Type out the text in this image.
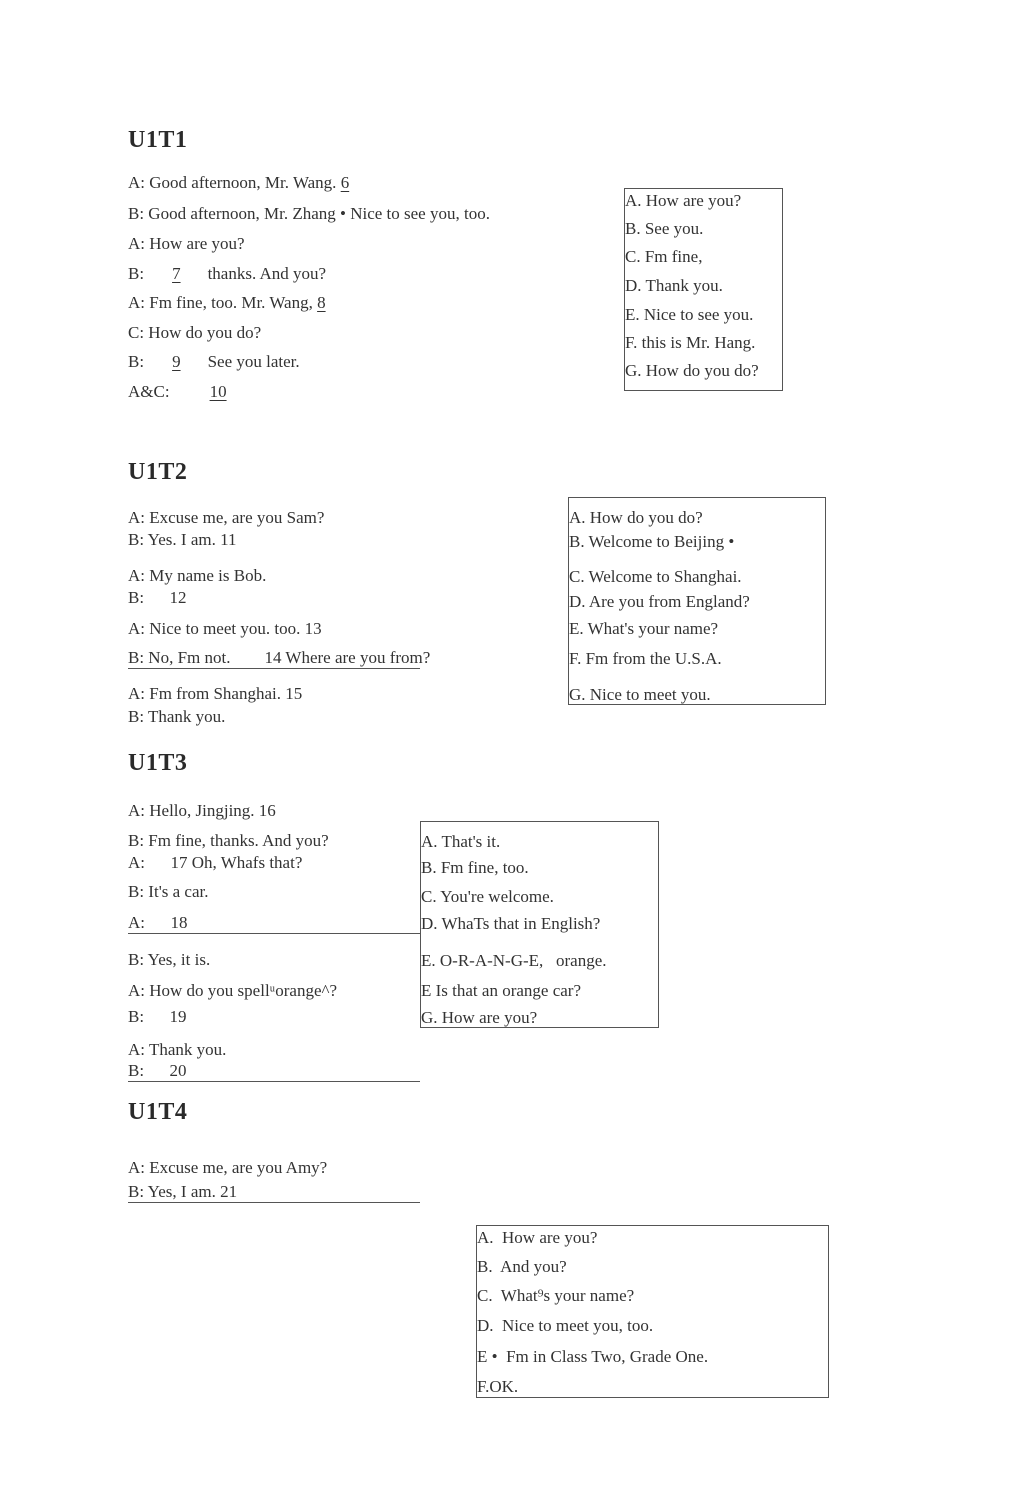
U1T1
A: Good afternoon, Mr. Wang. 6
B: Good afternoon, Mr. Zhang • Nice to see you, too.
A: How are you?
B: 7 thanks. And you?
A: Fm fine, too. Mr. Wang, 8
C: How do you do?
B: 9 See you later.
A&C: 10
A. How are you?
B. See you.
C. Fm fine,
D. Thank you.
E. Nice to see you.
F. this is Mr. Hang.
G. How do you do?
U1T2
A: Excuse me, are you Sam?
B: Yes. I am. 11
A: My name is Bob.
B:      12
A: Nice to meet you. too. 13
B: No, Fm not.        14 Where are you from?
A: Fm from Shanghai. 15
B: Thank you.
A. How do you do?
B. Welcome to Beijing •
C. Welcome to Shanghai.
D. Are you from England?
E. What's your name?
F. Fm from the U.S.A.
G. Nice to meet you.
U1T3
A: Hello, Jingjing. 16
B: Fm fine, thanks. And you?
A:      17 Oh, Whafs that?
B: It's a car.
A:      18
B: Yes, it is.
A: How do you spellᵘorange^?
B:      19
A: Thank you.
B:      20
A. That's it.
B. Fm fine, too.
C. You're welcome.
D. WhaTs that in English?
E. O-R-A-N-G-E,   orange.
E Is that an orange car?
G. How are you?
U1T4
A: Excuse me, are you Amy?
B: Yes, I am. 21
A.  How are you?
B.  And you?
C.  What⁹s your name?
D.  Nice to meet you, too.
E •  Fm in Class Two, Grade One.
F.OK.
